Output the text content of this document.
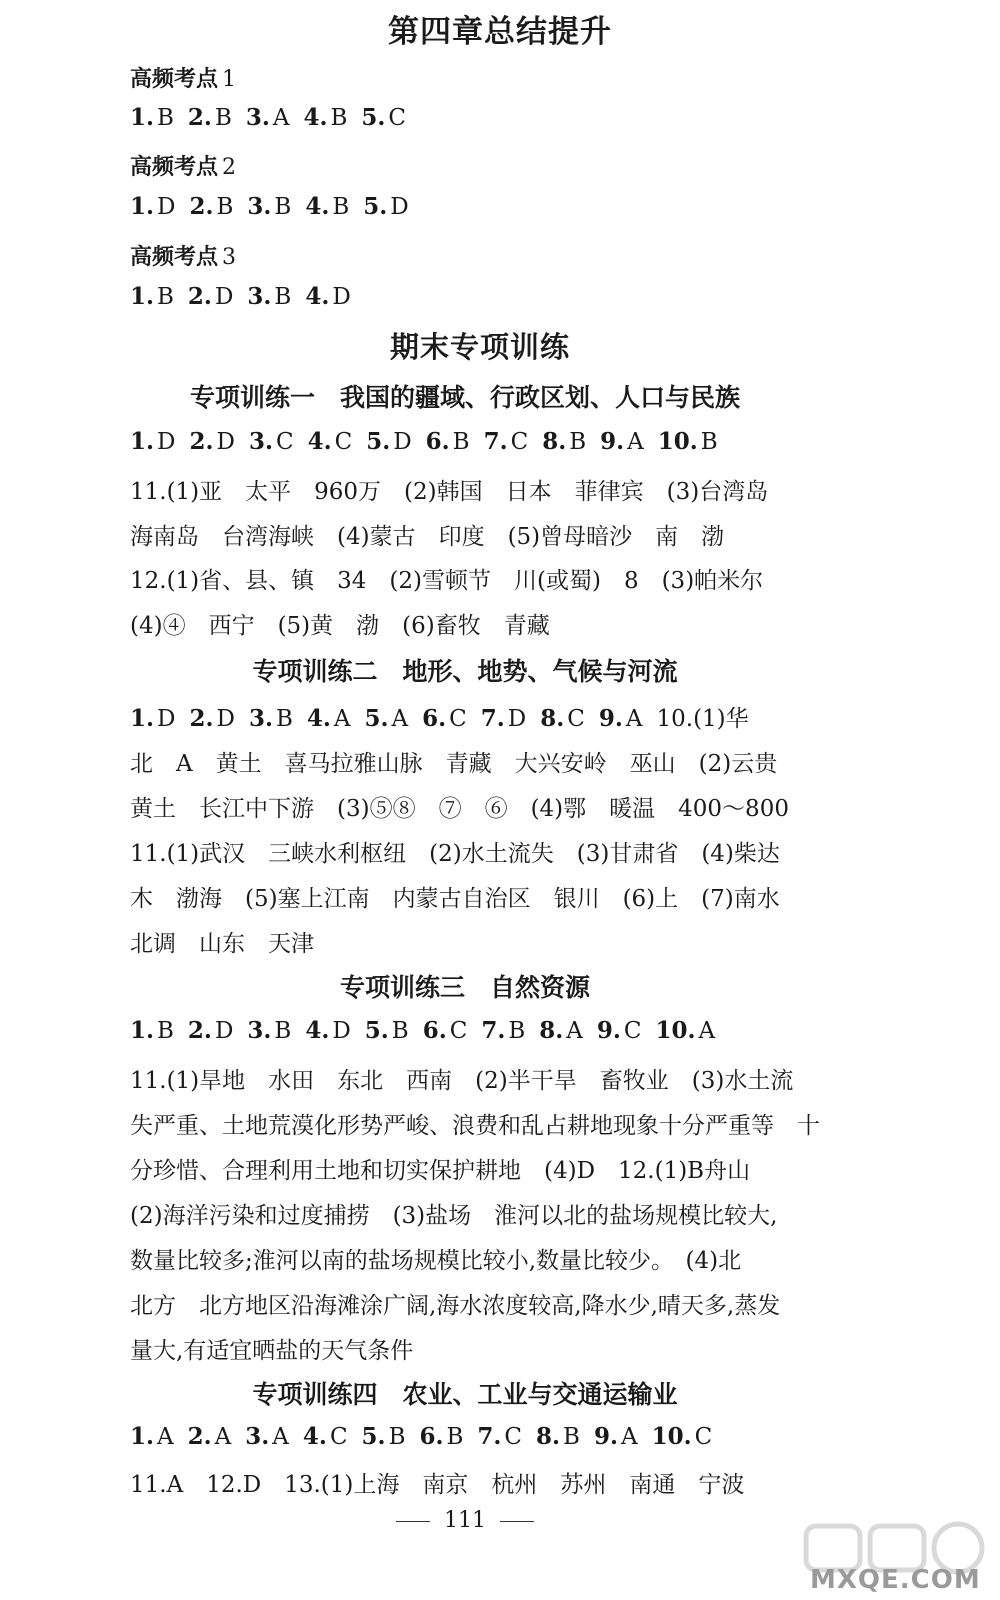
第四章总结提升
高频考点 1
1. B 2. B 3. A 4. B 5. C
高频考点 2
1. D 2. B 3. B 4. B 5. D
高频考点 3
1. B 2. D 3. B 4. D
期末专项训练
专项训练一　我国的疆域、行政区划、人口与民族
1. D 2. D 3. C 4. C 5. D 6. B 7. C 8. B 9. A 10. B
11.(1)亚　太平　960万　(2)韩国　日本　菲律宾　(3)台湾岛
海南岛　台湾海峡　(4)蒙古　印度　(5)曾母暗沙　南　渤
12.(1)省、县、镇　34　(2)雪顿节　川(或蜀)　8　(3)帕米尔
(4)④　西宁　(5)黄　渤　(6)畜牧　青藏
专项训练二　地形、地势、气候与河流
1. D 2. D 3. B 4. A 5. A 6. C 7. D 8. C 9. A 10.(1)华
北　A　黄土　喜马拉雅山脉　青藏　大兴安岭　巫山　(2)云贵
黄土　长江中下游　(3)⑤⑧　⑦　⑥　(4)鄂　暖温　400～800
11.(1)武汉　三峡水利枢纽　(2)水土流失　(3)甘肃省　(4)柴达
木　渤海　(5)塞上江南　内蒙古自治区　银川　(6)上　(7)南水
北调　山东　天津
专项训练三　自然资源
1. B 2. D 3. B 4. D 5. B 6. C 7. B 8. A 9. C 10. A
11.(1)旱地　水田　东北　西南　(2)半干旱　畜牧业　(3)水土流
失严重、土地荒漠化形势严峻、浪费和乱占耕地现象十分严重等　十
分珍惜、合理利用土地和切实保护耕地　(4)D　12.(1)B舟山
(2)海洋污染和过度捕捞　(3)盐场　淮河以北的盐场规模比较大,
数量比较多;淮河以南的盐场规模比较小,数量比较少。　(4)北
北方　北方地区沿海滩涂广阔,海水浓度较高,降水少,晴天多,蒸发
量大,有适宜晒盐的天气条件
专项训练四　农业、工业与交通运输业
1. A 2. A 3. A 4. C 5. B 6. B 7. C 8. B 9. A 10. C
11.A　12.D　13.(1)上海　南京　杭州　苏州　南通　宁波
111
MXQE.COM
